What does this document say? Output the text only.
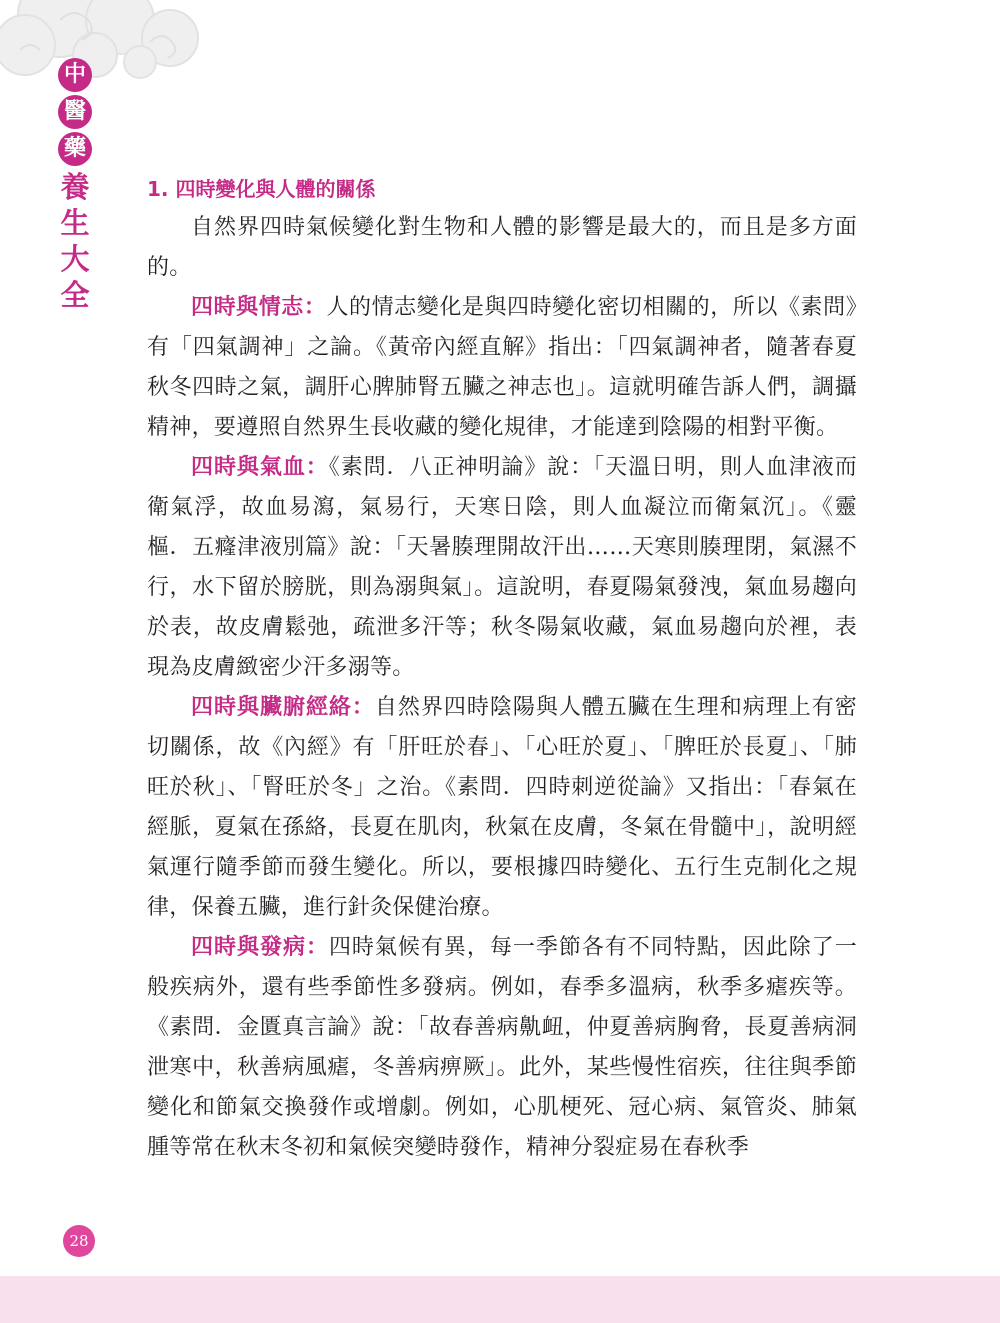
中
醫
藥
養
生
大
全
1. 四時變化與人體的關係

自然界四時氣候變化對生物和人體的影響是最大的，而且是多方面的。

四時與情志：人的情志變化是與四時變化密切相關的，所以《素問》有「四氣調神」之論。《黃帝內經直解》指出：「四氣調神者，隨著春夏秋冬四時之氣，調肝心脾肺腎五臟之神志也」。這就明確告訴人們，調攝精神，要遵照自然界生長收藏的變化規律，才能達到陰陽的相對平衡。

四時與氣血：《素問．八正神明論》說：「天溫日明，則人血津液而衛氣浮，故血易瀉，氣易行，天寒日陰，則人血凝泣而衛氣沉」。《靈樞．五癃津液別篇》說：「天暑腠理開故汗出……天寒則腠理閉，氣濕不行，水下留於膀胱，則為溺與氣」。這說明，春夏陽氣發洩，氣血易趨向於表，故皮膚鬆弛，疏泄多汗等；秋冬陽氣收藏，氣血易趨向於裡，表現為皮膚緻密少汗多溺等。

四時與臟腑經絡：自然界四時陰陽與人體五臟在生理和病理上有密切關係，故《內經》有「肝旺於春」、「心旺於夏」、「脾旺於長夏」、「肺旺於秋」、「腎旺於冬」之治。《素問．四時刺逆從論》又指出：「春氣在經脈，夏氣在孫絡，長夏在肌肉，秋氣在皮膚，冬氣在骨髓中」，說明經氣運行隨季節而發生變化。所以，要根據四時變化、五行生克制化之規律，保養五臟，進行針灸保健治療。

四時與發病：四時氣候有異，每一季節各有不同特點，因此除了一般疾病外，還有些季節性多發病。例如，春季多溫病，秋季多瘧疾等。《素問．金匱真言論》說：「故春善病鼽衄，仲夏善病胸脅，長夏善病洞泄寒中，秋善病風瘧，冬善病痹厥」。此外，某些慢性宿疾，往往與季節變化和節氣交換發作或增劇。例如，心肌梗死、冠心病、氣管炎、肺氣腫等常在秋末冬初和氣候突變時發作，精神分裂症易在春秋季

28
